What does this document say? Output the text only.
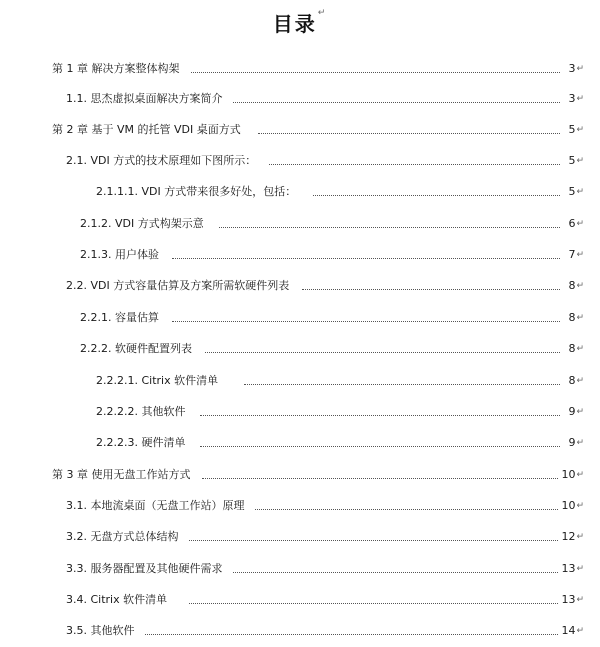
目录↵
第 1 章 解决方案整体构架	3↵
1.1. 思杰虚拟桌面解决方案简介	3↵
第 2 章 基于 VM 的托管 VDI 桌面方式	5↵
2.1. VDI 方式的技术原理如下图所示：	5↵
2.1.1.1. VDI 方式带来很多好处，包括：	5↵
2.1.2. VDI 方式构架示意	6↵
2.1.3. 用户体验	7↵
2.2. VDI 方式容量估算及方案所需软硬件列表	8↵
2.2.1. 容量估算	8↵
2.2.2. 软硬件配置列表	8↵
2.2.2.1. Citrix 软件清单	8↵
2.2.2.2. 其他软件	9↵
2.2.2.3. 硬件清单	9↵
第 3 章 使用无盘工作站方式	10↵
3.1. 本地流桌面（无盘工作站）原理	10↵
3.2. 无盘方式总体结构	12↵
3.3. 服务器配置及其他硬件需求	13↵
3.4. Citrix 软件清单	13↵
3.5. 其他软件	14↵
